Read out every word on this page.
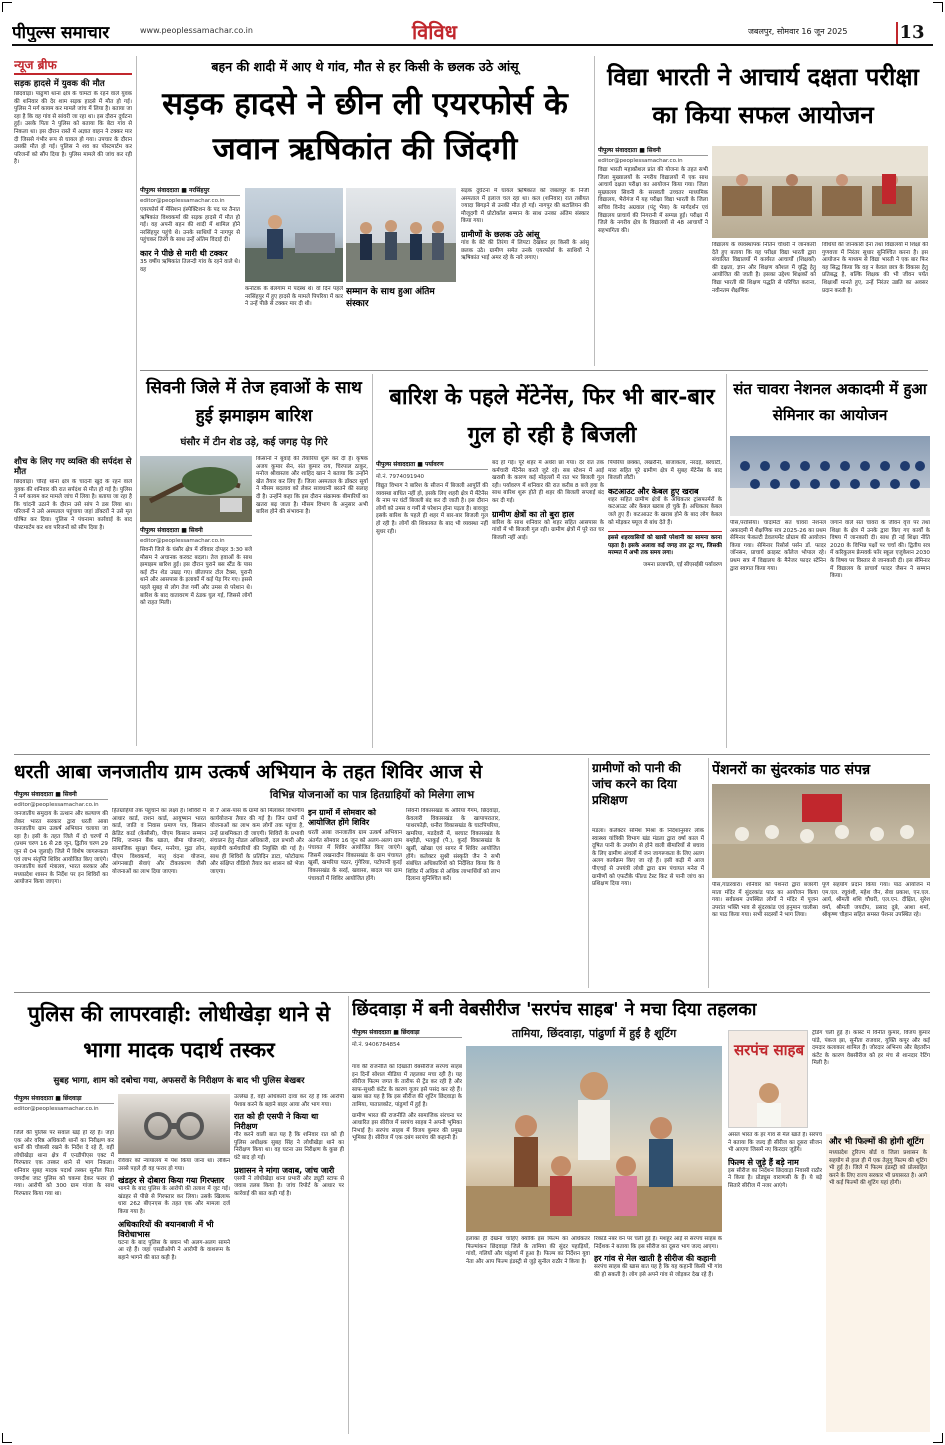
पीपुल्स समाचार	www.peoplessamachar.co.in	विविध	जबलपुर, सोमवार 16 जून 2025	13
न्यूज ब्रीफ
सड़क हादसे में युवक की मौत
छिंदवाड़ा। पांढुर्णा थाना क्षेत्र के चामटा के रहने वाले युवक की शनिवार की देर शाम सड़क हादसे में मौत हो गई। पुलिस ने मर्ग कायम कर मामले जांच में लिया है। बताया जा रहा है कि वह गांव से सांवरी जा रहा था। इस दौरान दुर्घटना हुई। उसके पिता ने पुलिस को बताया कि बेटा गांव से निकला था। इस दौरान रास्ते में अज्ञात वाहन ने टक्कर मार दी जिससे गंभीर रूप से घायल हो गया। उपचार के दौरान उसकी मौत हो गई। पुलिस ने शव का पोस्टमार्टम कर परिजनों को सौंप दिया है। पुलिस मामले की जांच कर रही है।
शौच के लिए गए व्यक्ति की सर्पदंश से मौत
छिंदवाड़ा। चौरई थाना क्षेत्र के चांदनी खुर्द के रहने वाले युवक की शनिवार की रात सर्पदंश से मौत हो गई है। पुलिस ने मर्ग कायम कर मामले जांच में लिया है। बताया जा रहा है कि चांदनी उठाने के दौरान उसे सांप ने डस लिया था। परिजनों ने उसे अस्पताल पहुंचाया जहां डॉक्टरों ने उसे मृत घोषित कर दिया। पुलिस ने पंचनामा कार्रवाई के बाद पोस्टमार्टम कर शव परिजनों को सौंप दिया है।
बहन की शादी में आए थे गांव, मौत से हर किसी के छलक उठे आंसू
सड़क हादसे ने छीन ली एयरफोर्स के जवान ऋषिकांत की जिंदगी
पीपुल्स संवाददाता ■ नरसिंहपुर
editor@peoplessamachar.co.in
एयरफोर्स में मेंसिशन इंस्पेक्टिशन के पद पर तैनात ऋषिकांत विश्वकर्मा की सड़क हादसे में मौत हो गई। वह अपनी बहन की शादी में शामिल होने नरसिंहपुर पहुंचे थे। उनके साथियों ने नागपुर से पहुंचकर तिरंगे के साथ उन्हें अंतिम विदाई दी।
कार ने पीछे से मारी थी टक्कर
35 वर्षीय ऋषिकांत तिलन्दी गांव के रहने वाले थे। वह
कर्नाटक के बेलगाम में पदस्थ थे। वो दिन पहले नरसिंहपुर में हुए हादसे के मामले पिपरिया में कार ने उन्हें पीछे से टक्कर मार दी थी।
सम्मान के साथ हुआ अंतिम संस्कार
सड़क दुर्घटना में घायल ऋषिकांत को जबलपुर के निजी अस्पताल में इलाज चल रहा था। कल (शनिवार) रात तबीयत ज्यादा बिगड़ने से उनकी मौत हो गई। नागपुर की बटालियन की मौजूदगी में प्रोटोकॉल सम्मान के साथ उनका अंतिम संस्कार किया गया।
ग्रामीणों के छलक उठे आंसू
गांव के बेटे की तिरंगा में लिपटा देखकर हर किसी के आंसू छलक उठे। ग्रामीण समेत उनके एयरफोर्स के साथियों ने ऋषिकांत भाई अमर रहे के नारे लगाए।
विद्या भारती ने आचार्य दक्षता परीक्षा का किया सफल आयोजन
पीपुल्स संवाददाता ■ सिवनी
editor@peoplessamachar.co.in
विद्या भारती महाकौशल प्रांत की योजना के तहत सभी जिला मुख्यालयों के नगरीय विद्यालयों में एक साथ आचार्य दक्षता परीक्षा का आयोजन किया गया। जिला मुख्यालय सिवनी के सरस्वती उच्चतर माध्यमिक विद्यालय, भैरोगंज में यह परीक्षा विद्या भारती के जिला सचिव विनोद अग्रवाल (पंटू भैया) के मार्गदर्शन एवं विद्यालय प्राचार्य की निगरानी में सम्पन्न हुई। परीक्षा में जिले के नगरीय क्षेत्र के विद्यालयों से 48 आचार्यों ने सहभागिता की।
विद्यालय के व्यवस्थापक नितिन चौधरी ने जानकारी देते हुए बताया कि यह परीक्षा विद्या भारती द्वारा संचालित विद्यालयों में कार्यरत आचार्यों (शिक्षकों) की दक्षता, ज्ञान और शिक्षण कौशल में वृद्धि हेतु आयोजित की जाती है। इसका उद्देश्य शिक्षकों को विद्या भारती की शिक्षण पद्धति से परिचित कराना, नवीनतम शैक्षणिक
विधियों की जानकारी देना तथा विद्यालयों में शिक्षा की गुणवत्ता में निरंतर सुधार सुनिश्चित करना है। इस आयोजन के माध्यम से विद्या भारती ने एक बार फिर यह सिद्ध किया कि वह न केवल छात्र के विकास हेतु प्रतिबद्ध है, बल्कि शिक्षक की भी जीवन पर्यंत शिक्षार्थी मानते हुए, उन्हें निरंतर उन्नति का अवसर प्रदान करती है।
सिवनी जिले में तेज हवाओं के साथ हुई झमाझम बारिश
घंसौर में टीन शेड उड़े, कई जगह पेड़ गिरे
पीपुल्स संवाददाता ■ सिवनी
editor@peoplessamachar.co.in
सिवनी जिले के घंसौर क्षेत्र में रविवार दोपहर 3:30 बजे मौसम ने अचानक करवट बदला। तेज हवाओं के साथ झमाझम बारिश हुई। इस दौरान पुराने बस स्टैंड के पास कई टीन शेड उखड़ गए। छीतापार टोल टैक्स, पुरानी थाने और आसपास के इलाकों में कई पेड़ गिर गए। इससे पहले सुबह से लोग तेज गर्मी और उमस से परेशान थे। बारिश के बाद वातावरण में ठंडक घुल गई, जिससे लोगों को राहत मिली।
किसानों ने बुवाई की तैयारियां शुरू कर दी हैं। कृषक अजय कुमार सेन, संत कुमार राय, चिरपाल ठाकुर, मनोज श्रीवास्तव और शाहिद खान ने बताया कि उन्होंने खेत तैयार कर लिए हैं। जिला अस्पताल के डॉक्टर सूर्या ने मौसम बदलाव को लेकर सावधानी बरतने की सलाह दी है। उन्होंने कहा कि इस दौरान संक्रामक बीमारियों का खतरा बढ़ जाता है। मौसम विभाग के अनुसार अभी बारिश होने की संभावना है।
बारिश के पहले मेंटेनेंस, फिर भी बार-बार गुल हो रही है बिजली
पीपुल्स संवाददाता ■ पर्यावरण
मो.नं. 7974091940
विद्युत विभाग ने बारिश के सीजन में बिजली आपूर्ति की व्यवस्था बाधित नहीं हो, इसके लिए शहरी क्षेत्र में मेंटेनेंस के नाम पर घंटों बिजली बंद कर दी जाती है। इस दौरान लोगों को उमस व गर्मी से परेशान होना पड़ता है। बावजूद इसके बारिश के पहले ही शहर में बार-बार बिजली गुल हो रही है। लोगों की शिकायत के बाद भी व्यवस्था नहीं सुधर रही।
बंद हो गई। पूरे शहर में अंधेरा छा गया। देर रात तक कर्मचारी मेंटेनेंस करते जुटे रहे। सब स्टेशन में आई खराबी के कारण कई मोहल्लों में रात भर बिजली गुल रही। पर्यावरण में शनिवार की रात करीब 8 बजे हवा के साथ बारिश शुरू होते ही शहर की बिजली सप्लाई बंद कर दी गई।
ग्रामीण क्षेत्रों का तो बुरा हाल
बारिश के साथ शनिवार को शहर सहित आसपास के गांवों में भी बिजली गुल रही। ग्रामीण क्षेत्रों में पूरे रात घर बिजली नहीं आई।
पिपरिया छक्का, लखरौनी, बाजाकला, नरदई, बरघाटी, मारा सहित पूरे ग्रामीण क्षेत्र में सुबह मेंटेनेंस के बाद बिजली लौटी।
कटआउट और केबल हुए खराब
शहर सहित ग्रामीण क्षेत्रों के अधिकतर ट्रांसफार्मरों के कटआउट और केबल खराब हो चुके हैं। अधिकतर केबल जले हुए हैं। कटआउट के खराब होने के बाद लोग केबल को मोड़कर फ्यूज से बांध देते हैं।
इससे शहरवासियों को खासी परेशानी का सामना करना पड़ता है। इसके अलावा कई जगह तार टूट गए, जिसकी मरम्मत में अभी तक समय लगा।
जमना प्रजापति, एई सीएसईबी पर्यावरण
संत चावरा नेशनल अकादमी में हुआ सेमिनार का आयोजन
पीसं,परासिया। चांदामेटा संत चावरा नेशनल अकादमी में शैक्षणिक सत्र 2025-26 का प्रथम सेमिनार फेकल्टी डेवलपमेंट प्रोग्राम की आयोजन किया गया। सेमिनार रिसोर्स पर्सन डॉ. फादर जॉनसन, प्राचार्य क्राइस्ट कॉलेज भोपाल रहे। प्रथम सत्र में विद्यालय के मैनेजर फादर स्टेनिन द्वारा स्वागत किया गया।
जगाने वाले संत चावरा के जीवन वृत्त पर तथा शिक्षा के क्षेत्र में उनके द्वारा किए गए कार्यों के विषय में जानकारी दी। साथ ही नई शिक्षा नीति 2020 के विभिन्न पक्षों पर चर्चा की। द्वितीय सत्र में करिकुलम फ्रेमवर्क फॉर स्कूल एजुकेशन 2030 के विषय पर विस्तार से जानकारी दी। इस सेमिनार में विद्यालय के प्राचार्य फादर जैसन ने सम्मान किया।
धरती आबा जनजातीय ग्राम उत्कर्ष अभियान के तहत शिविर आज से
विभिन्न योजनाओं का पात्र हितग्राहियों को मिलेगा लाभ
पीपुल्स संवाददाता ■ सिवनी
editor@peoplessamachar.co.in
जनजातीय समुदाय के उत्थान और कल्याण की लेकर भारत सरकार द्वारा धरती आबा जनजातीय ग्राम उत्कर्ष अभियान चलाया जा रहा है। इसी के तहत जिले में दो चरणों में (प्रथम चरण 16 से 28 जून, द्वितीय चरण 29 जून से 04 जुलाई) जिले में विशेष जागरूकता एवं लाभ संतृप्ति शिविर आयोजित किए जाएंगे। जनजातीय कार्य मंत्रालय, भारत सरकार और मध्यप्रदेश शासन के निर्देश पर इन शिविरों का आयोजन किया जाएगा।
हितग्राहियों तक पहुंचाने का लक्ष्य है। शिविरों में आधार कार्ड, राशन कार्ड, आयुष्मान भारत कार्ड, जाति व निवास प्रमाण पत्र, किसान क्रेडिट कार्ड (केसीसी), पीएम किसान सम्मान निधि, जनधन बैंक खाता, बीमा योजनाएं, सामाजिक सुरक्षा पेंशन, मनरेगा, मुद्रा लोन, पीएम विश्वकर्मा, मातृ वंदना योजना, आंगनबाड़ी सेवाएं और टीकाकरण जैसी योजनाओं का लाभ दिया जाएगा।
से 7 आस-पास के ग्रामों को मिलाकर विभागीय कार्ययोजना तैयार की गई है। जिन ग्रामों में योजनाओं का लाभ कम लोगों तक पहुंचा है, उन्हें प्राथमिकता दी जाएगी। शिविरों के प्रभावी संचालन हेतु नोडल अधिकारी, दल प्रभारी और सहयोगी कर्मचारियों की नियुक्ति की गई है। साथ ही शिविरों के प्रतिदिन डाटा, फोटोग्राफ और संक्षिप्त वीडियो तैयार कर शासन को भेजा जाएगा।
इन ग्रामों में सोमवार को आयोजित होंगे शिविर
धरती आबा जनजातीय ग्राम उत्कर्ष अभियान अंतर्गत सोमवार 16 जून को अलग-अलग ग्राम पंचायत में शिविर आयोजित किए जाएंगे। जिसमें लखनादौन विकासखंड के ग्राम पंचायत खुर्सी, खमरिया पठार, गुंगेरिया, पटोपानी कुरई विकासखंड के सरई, खवासा, बादल पार ग्राम पंचायतों में शिविर आयोजित होंगे।
सिवनी विकासखंड के ओरिया गैंगम, छिंदवाड़ा, केवलारी विकासखंड के खापापरातार, पाथरफोड़ी, धनौरा विकासखंड के घाटपिपरिया, खमरिया, मडदेवरी में, बरघाट विकासखंड के बम्होड़ी, भतकुई (पै.), कुरई विकासखंड के खुर्सी, खोखा एवं सागर में शिविर आयोजित होंगे। कलेक्टर सुश्री संस्कृति जैन ने सभी संबंधित अधिकारियों को निर्देशित किया कि वे शिविर में अधिक से अधिक लाभार्थियों को लाभ दिलाना सुनिश्चित करें।
ग्रामीणों को पानी की जांच करने का दिया प्रशिक्षण
मंडला। कलेक्टर सोमेश मिश्रा के निर्देशानुसार लोक स्वास्थ्य यांत्रिकी विभाग खंड मंडला द्वारा वर्षा काल में दूषित पानी के उपयोग से होने वाली बीमारियों से बचाव के लिए ग्रामीण अंचलों में जन जागरूकता के लिए अलग अलग कार्यक्रम किए जा रहे हैं। इसी कड़ी में आज पीएचई से उपयंत्री लोधी द्वारा ग्राम पंचायत मनेरा में ग्रामीणों को एफटीके फील्ड टेस्ट किट से पानी जांच का प्रशिक्षण दिया गया।
पेंशनरों का सुंदरकांड पाठ संपन्न
पीसं,गाडरवारा। शनिवार को पेंशनरों द्वारा बजरंगी माता मंदिर में सुंदरकांड पाठ का आयोजन किया गया। सर्वप्रथम उपस्थित लोगों ने मंदिर में पूजन उपरांत भक्ति भाव से सुंदरकांड एवं हनुमान चालीसा का पाठ किया गया। सभी सदस्यों ने भाग लिया।
पूर्ण सहयोग प्रदान किया गया। पाठ आयोजन में एम.एल. रघुवंशी, महेश जैन, सेवा प्रकाश, एन.एल. आर्य, श्रीमती शशि चौधरी, एल.एन. दीक्षित, सुरेश वर्मा, श्रीमती जयदीप, प्रसाद दुबे, आशा शर्मा, श्रीकृष्ण चौहान सहित समस्त पेंशनर उपस्थित रहे।
पुलिस की लापरवाही: लोधीखेड़ा थाने से भागा मादक पदार्थ तस्कर
सुबह भागा, शाम को दबोचा गया, अफसरों के निरीक्षण के बाद भी पुलिस बेखबर
पीपुल्स संवाददाता ■ छिंदवाड़ा
editor@peoplessamachar.co.in
जिले की पुलिस पर सवाल खड़े हो रहे हैं। जहां एक ओर वरिष्ठ अधिकारी थानों का निरीक्षण कर थानों की चौकसी रखने के निर्देश दे रहे हैं, वहीं लोधीखेड़ा थाना क्षेत्र में एनडीपीएस एक्ट में गिरफ्तार एक तस्कर थाने से भाग निकला। शनिवार सुबह मादक पदार्थ तस्कर सुनील पिता जगदीश जाट पुलिस को चकमा देकर फरार हो गया। आरोपी को 300 ग्राम गांजा के साथ गिरफ्तार किया गया था।
रविवार को न्यायालय में पेश किया जाना था। लेकिन उससे पहले ही वह फरार हो गया।
खंडहर से दोबारा किया गया गिरफ्तार
भागने के बाद पुलिस के आरोपी की तलाश में जुट गई। खंडहर से पीछे से गिरफ्तार कर लिया। उसके खिलाफ धारा 262 बीएनएस के तहत एक और मामला दर्ज किया गया है।
अधिकारियों की बयानबाजी में भी विरोधाभास
घटना के बाद पुलिस के बयान भी अलग-अलग सामने आ रहे हैं। जहां एसडीओपी ने आरोपी के वाशरूम के बहाने भागने की बात कही है।
उल्लेख है, वहीं अधिकारी दावा कर रहे हैं कि आरोपी पेशाब करने के बहाने बाहर आया और भाग गया।
रात को ही एसपी ने किया था निरीक्षण
गौर करने वाली बात यह है कि शनिवार रात को ही पुलिस अधीक्षक सुबह सिंह ने लोधीखेड़ा थाने का निरीक्षण किया था। वह घटना उस निरीक्षण के कुछ ही घंटे बाद हो गई।
प्रशासन ने मांगा जवाब, जांच जारी
एसपी ने लोधीखेड़ा थाना प्रभारी और ड्यूटी स्टाफ से जवाब तलब किया है। जांच रिपोर्ट के आधार पर कार्रवाई की बात कही गई है।
छिंदवाड़ा में बनी वेबसीरीज 'सरपंच साहब' ने मचा दिया तहलका
पीपुल्स संवाददाता ■ छिंदवाड़ा
मो.नं. 9406784854
तामिया, छिंदवाड़ा, पांढुर्णा में हुई है शूटिंग
सरपंच साहब
ट्रेडिंग चली हुई है। कास्ट में विनीत कुमार, विजय कुमार पांडे, पंकज झा, सुनीता राजवार, युक्ति कपूर और कई दमदार कलाकार शामिल हैं। जोरदार अभिनय और बेहतरीन कंटेंट के कारण वेबसीरीज को हर मंच से शानदार रेटिंग मिली है।
गांव की राजनीति को दिखाती वेबसीरीज सरपंच साहब इन दिनों सोशल मीडिया में तहलका मचा रही है। यह सीरीज फिल्म जगत के तारीफ से ट्रेंड कर रही है और साफ-सुथरी कंटेंट के कारण यूजर इसे पसंद कर रहे हैं। खास बात यह है कि इस सीरीज की शूटिंग छिंदवाड़ा के तामिया, पातालकोट, पांढुर्णा में हुई है।
ग्रामीण भारत की राजनीति और सामाजिक संरचना पर आधारित इस सीरीज में सरपंच साहब ने अपनी भूमिका निभाई है। सरपंच साहब में विजय कुमार की प्रमुख भूमिका है। सीरीज में एक दबंग सरपंच की कहानी है।
इलाका ही देखना चाहिए क्योंकि इस फिल्म का अधिकतर फिल्मांकन छिंदवाड़ा जिले के तामिया की सुंदर पहाड़ियों, गांवों, गलियों और पांढुर्णा में हुआ है। फिल्म का निर्देशन युवा नेता और आप फिल्म इंडस्ट्री से जुड़े सुनील राठौर ने किया है।
रिकार्ड नंबर वन पर चली हुई है। मशहूर आई से सरपंच साहब के निर्देशक ने बताया कि इस सीरीज का दूसरा भाग जल्द आएगा।
हर गांव से मेल खाती है सीरीज की कहानी
सरपंच साहब की खास बात यह है कि यह कहानी किसी भी गांव की हो सकती है। लोग इसे अपने गांव से जोड़कर देख रहे हैं।
असल भारत के हर गांव से मेल खाते हैं। सरपंच ने बताया कि जल्द ही सीरीज का दूसरा सीजन भी आएगा जिसमें नए किरदार जुड़ेंगे।
फिल्म से जुड़े हैं बड़े नाम
इस सीरीज का निर्देशन छिंदवाड़ा निवासी राठौर ने किया है। प्रोड्यूस वाराणसी के हैं। ये बड़े सितारे सीरीज में नजर आएंगे।
और भी फिल्मों की होगी शूटिंग
मध्यप्रदेश टूरिज्म बोर्ड व जिला प्रशासन के सहयोग से हाल ही में एक तेलुगु फिल्म की शूटिंग भी हुई है। जिले में फिल्म इंडस्ट्री को प्रोत्साहित करने के लिए राज्य सरकार भी प्रयासरत है। आगे भी कई फिल्मों की शूटिंग यहां होगी।
